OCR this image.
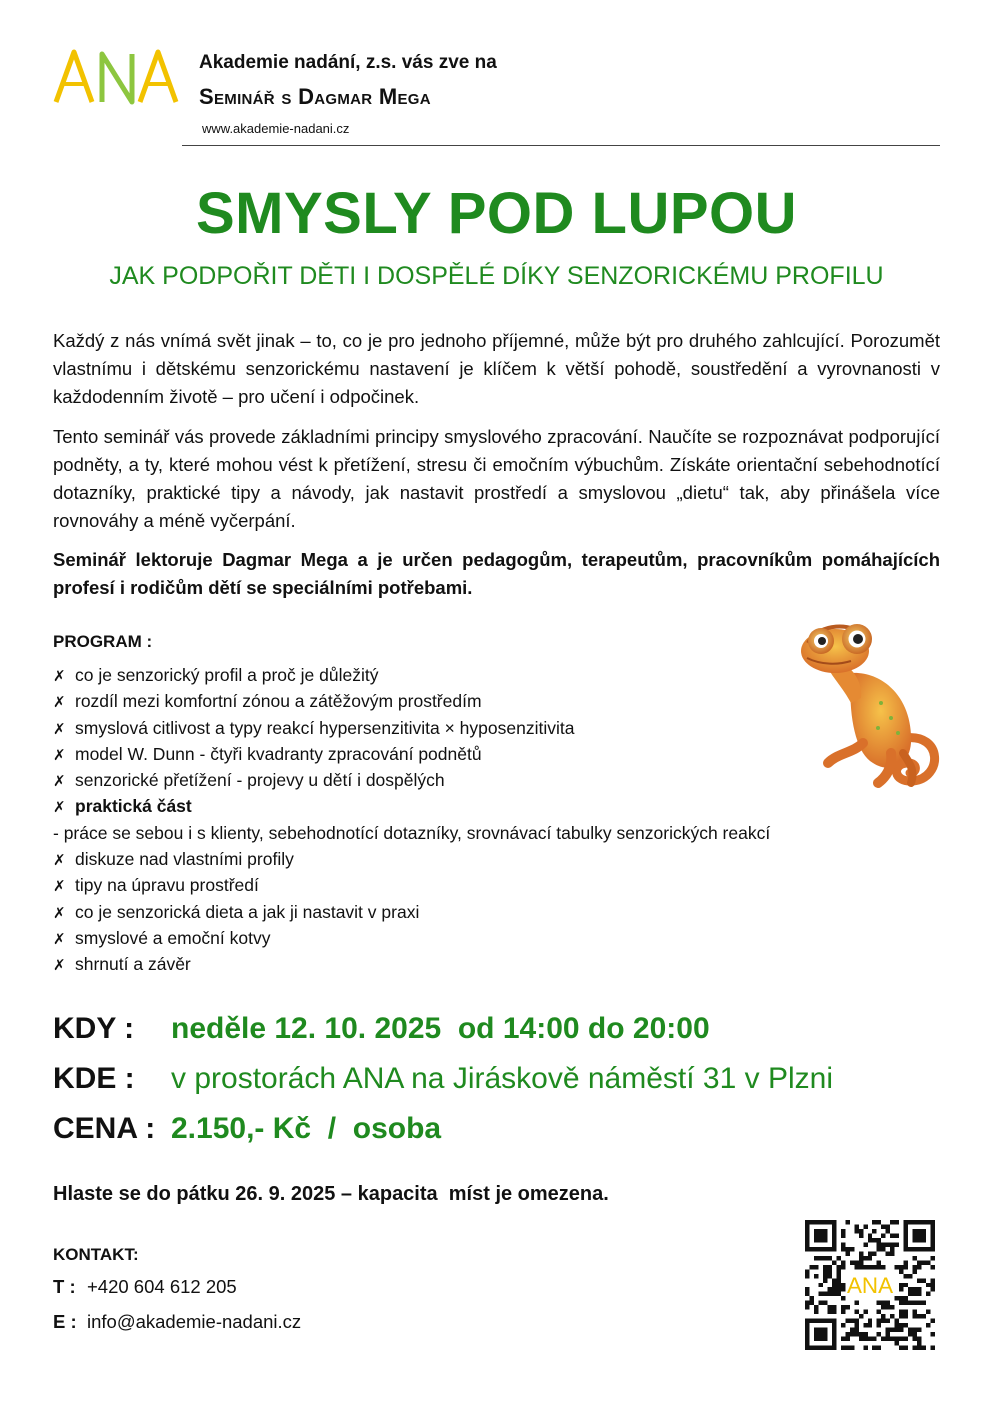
Akademie nadání, z.s. vás zve na
Seminář s Dagmar Mega
www.akademie-nadani.cz
SMYSLY POD LUPOU
JAK PODPOŘIT DĚTI I DOSPĚLÉ DÍKY SENZORICKÉMU PROFILU
Každý z nás vnímá svět jinak – to, co je pro jednoho příjemné, může být pro druhého zahlcující. Porozumět vlastnímu i dětskému senzorickému nastavení je klíčem k větší pohodě, soustředění a vyrovnanosti v každodenním životě – pro učení i odpočinek.
Tento seminář vás provede základními principy smyslového zpracování. Naučíte se rozpoznávat podporující podněty, a ty, které mohou vést k přetížení, stresu či emočním výbuchům. Získáte orientační sebehodnotící dotazníky, praktické tipy a návody, jak nastavit prostředí a smyslovou „dietu“ tak, aby přinášela více rovnováhy a méně vyčerpání.
Seminář lektoruje Dagmar Mega a je určen pedagogům, terapeutům, pracovníkům pomáhajících profesí i rodičům dětí se speciálními potřebami.
PROGRAM :
✗ co je senzorický profil a proč je důležitý
✗ rozdíl mezi komfortní zónou a zátěžovým prostředím
✗ smyslová citlivost a typy reakcí hypersenzitivita × hyposenzitivita
✗ model W. Dunn - čtyři kvadranty zpracování podnětů
✗ senzorické přetížení - projevy u dětí i dospělých
✗ praktická část
- práce se sebou i s klienty, sebehodnotící dotazníky, srovnávací tabulky senzorických reakcí
✗ diskuze nad vlastními profily
✗ tipy na úpravu prostředí
✗ co je senzorická dieta a jak ji nastavit v praxi
✗ smyslové a emoční kotvy
✗ shrnutí a závěr
KDY : neděle 12. 10. 2025  od 14:00 do 20:00
KDE : v prostorách ANA na Jiráskově náměstí 31 v Plzni
CENA : 2.150,- Kč  /  osoba
Hlaste se do pátku 26. 9. 2025 – kapacita  míst je omezena.
KONTAKT:
T : +420 604 612 205
E : info@akademie-nadani.cz
ANA
